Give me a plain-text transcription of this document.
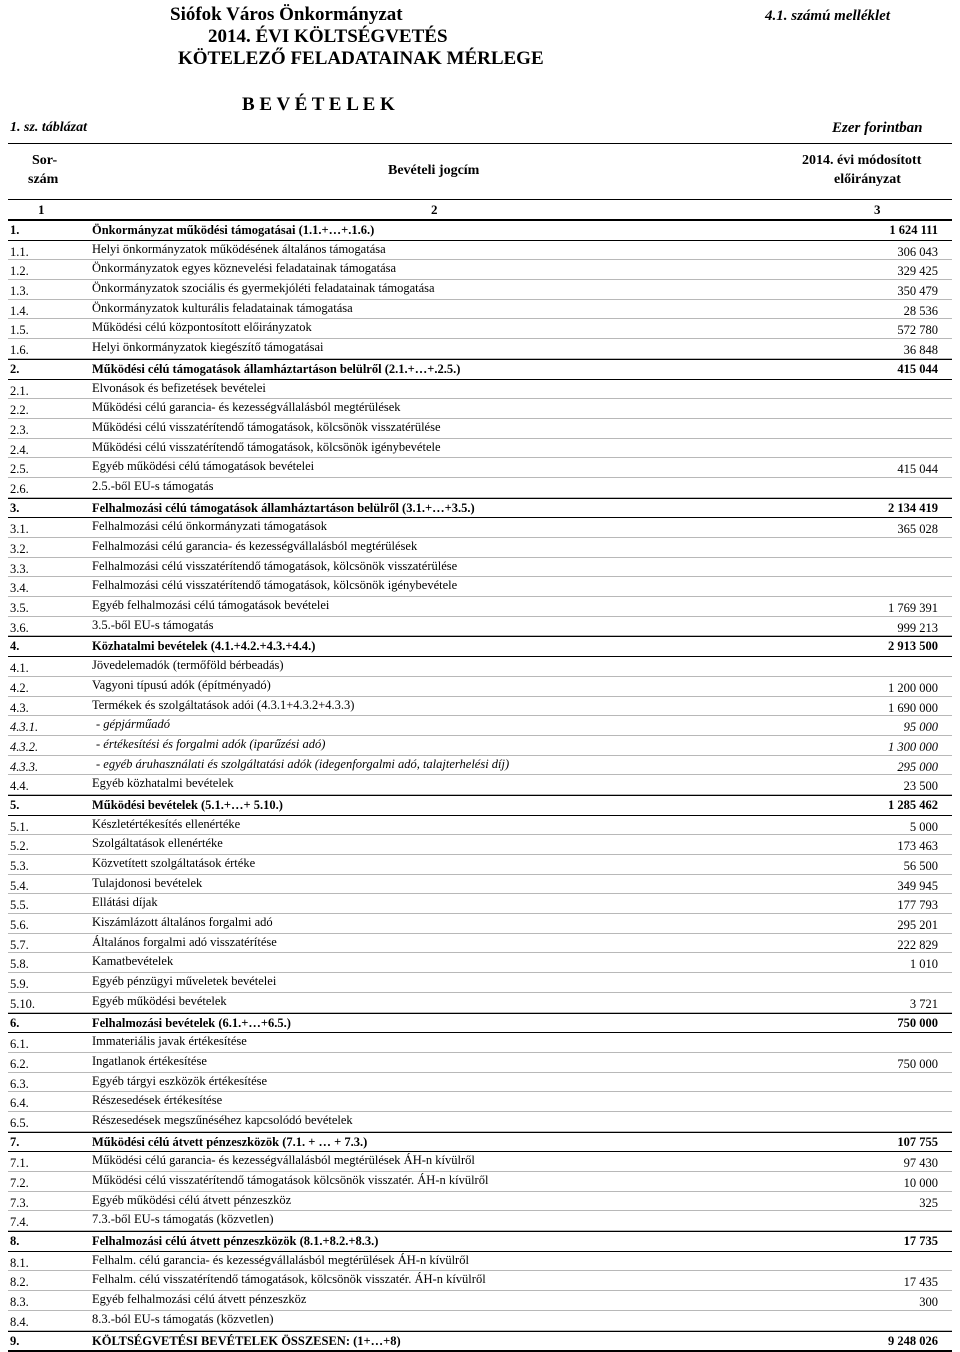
Siófok Város Önkormányzat	4.1. számú melléklet
2014. ÉVI KÖLTSÉGVETÉS
KÖTELEZŐ FELADATAINAK MÉRLEGE
B E V É T E L E K
1. sz. táblázat	Ezer forintban
Sor-
szám
Bevételi jogcím
2014. évi módosított
előirányzat
1	2	3
1.	Önkormányzat működési támogatásai (1.1.+…+.1.6.)	1 624 111
1.1.	Helyi önkormányzatok működésének általános támogatása	306 043
1.2.	Önkormányzatok egyes köznevelési feladatainak támogatása	329 425
1.3.	Önkormányzatok szociális és gyermekjóléti feladatainak támogatása	350 479
1.4.	Önkormányzatok kulturális feladatainak támogatása	28 536
1.5.	Működési célú központosított előirányzatok	572 780
1.6.	Helyi önkormányzatok kiegészítő támogatásai	36 848
2.	Működési célú támogatások államháztartáson belülről (2.1.+…+.2.5.)	415 044
2.1.	Elvonások és befizetések bevételei
2.2.	Működési célú garancia- és kezességvállalásból megtérülések
2.3.	Működési célú visszatérítendő támogatások, kölcsönök visszatérülése
2.4.	Működési célú visszatérítendő támogatások, kölcsönök igénybevétele
2.5.	Egyéb működési célú támogatások bevételei	415 044
2.6.	2.5.-ből EU-s támogatás
3.	Felhalmozási célú támogatások államháztartáson belülről (3.1.+…+3.5.)	2 134 419
3.1.	Felhalmozási célú önkormányzati támogatások	365 028
3.2.	Felhalmozási célú garancia- és kezességvállalásból megtérülések
3.3.	Felhalmozási célú visszatérítendő támogatások, kölcsönök visszatérülése
3.4.	Felhalmozási célú visszatérítendő támogatások, kölcsönök igénybevétele
3.5.	Egyéb felhalmozási célú támogatások bevételei	1 769 391
3.6.	3.5.-ből EU-s támogatás	999 213
4.	Közhatalmi bevételek (4.1.+4.2.+4.3.+4.4.)	2 913 500
4.1.	Jövedelemadók (termőföld bérbeadás)
4.2.	Vagyoni típusú adók (építményadó)	1 200 000
4.3.	Termékek és szolgáltatások adói (4.3.1+4.3.2+4.3.3)	1 690 000
4.3.1.	- gépjárműadó	95 000
4.3.2.	- értékesítési és forgalmi adók (iparűzési adó)	1 300 000
4.3.3.	- egyéb áruhasználati és szolgáltatási adók (idegenforgalmi adó, talajterhelési díj)	295 000
4.4.	Egyéb közhatalmi bevételek	23 500
5.	Működési bevételek (5.1.+…+ 5.10.)	1 285 462
5.1.	Készletértékesítés ellenértéke	5 000
5.2.	Szolgáltatások ellenértéke	173 463
5.3.	Közvetített szolgáltatások értéke	56 500
5.4.	Tulajdonosi bevételek	349 945
5.5.	Ellátási díjak	177 793
5.6.	Kiszámlázott általános forgalmi adó	295 201
5.7.	Általános forgalmi adó visszatérítése	222 829
5.8.	Kamatbevételek	1 010
5.9.	Egyéb pénzügyi műveletek bevételei
5.10.	Egyéb működési bevételek	3 721
6.	Felhalmozási bevételek (6.1.+…+6.5.)	750 000
6.1.	Immateriális javak értékesítése
6.2.	Ingatlanok értékesítése	750 000
6.3.	Egyéb tárgyi eszközök értékesítése
6.4.	Részesedések értékesítése
6.5.	Részesedések megszűnéséhez kapcsolódó bevételek
7.	Működési célú átvett pénzeszközök (7.1. + … + 7.3.)	107 755
7.1.	Működési célú garancia- és kezességvállalásból megtérülések ÁH-n kívülről	97 430
7.2.	Működési célú visszatérítendő támogatások kölcsönök visszatér. ÁH-n kívülről	10 000
7.3.	Egyéb működési célú átvett pénzeszköz	325
7.4.	7.3.-ből EU-s támogatás (közvetlen)
8.	Felhalmozási célú átvett pénzeszközök (8.1.+8.2.+8.3.)	17 735
8.1.	Felhalm. célú garancia- és kezességvállalásból megtérülések ÁH-n kívülről
8.2.	Felhalm. célú visszatérítendő támogatások, kölcsönök visszatér. ÁH-n kívülről	17 435
8.3.	Egyéb felhalmozási célú átvett pénzeszköz	300
8.4.	8.3.-ból EU-s támogatás (közvetlen)
9.	KÖLTSÉGVETÉSI BEVÉTELEK ÖSSZESEN: (1+…+8)	9 248 026
